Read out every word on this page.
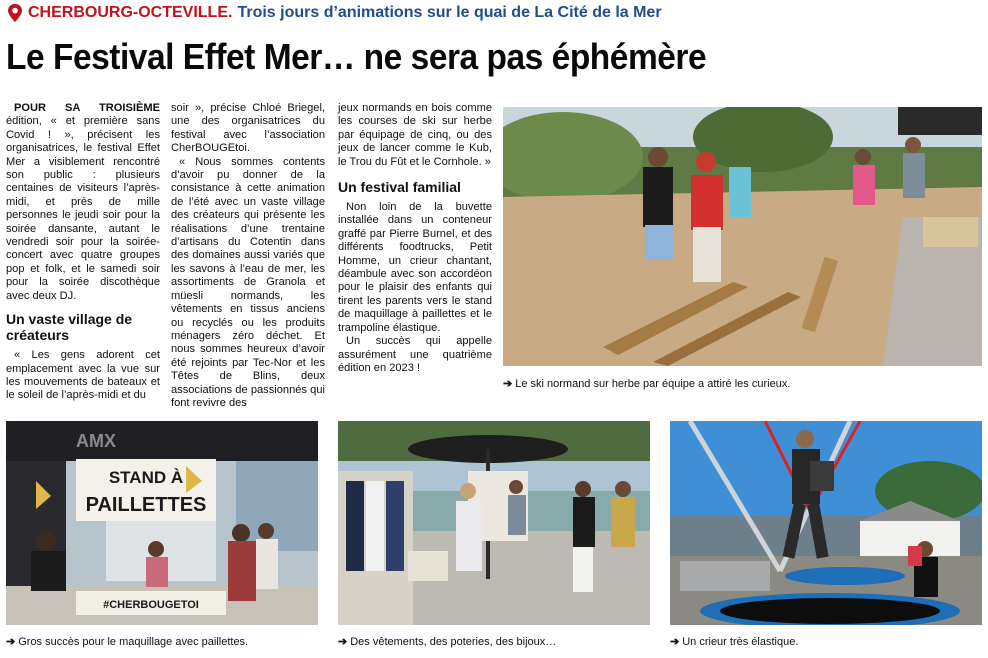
CHERBOURG-OCTEVILLE. Trois jours d’animations sur le quai de La Cité de la Mer
Le Festival Effet Mer… ne sera pas éphémère

POUR SA TROISIÈME édition, « et première sans Covid ! », précisent les organisatrices, le festival Effet Mer a visiblement rencontré son public : plusieurs centaines de visiteurs l’après-midi, et près de mille personnes le jeudi soir pour la soirée dansante, autant le vendredi soir pour la soirée-concert avec quatre groupes pop et folk, et le samedi soir pour la soirée discothèque avec deux DJ.

Un vaste village de créateurs

« Les gens adorent cet emplacement avec la vue sur les mouvements de bateaux et le soleil de l’après-midi et du

soir », précise Chloé Briegel, une des organisatrices du festival avec l’association CherBOUGEtoi.

« Nous sommes contents d’avoir pu donner de la consistance à cette animation de l’été avec un vaste village des créateurs qui présente les réalisations d’une trentaine d’artisans du Cotentin dans des domaines aussi variés que les savons à l’eau de mer, les assortiments de Granola et müesli normands, les vêtements en tissus anciens ou recyclés ou les produits ménagers zéro déchet. Et nous sommes heureux d’avoir été rejoints par Tec-Nor et les Têtes de Blins, deux associations de passionnés qui font revivre des

jeux normands en bois comme les courses de ski sur herbe par équipage de cinq, ou des jeux de lancer comme le Kub, le Trou du Fût et le Cornhole. »

Un festival familial

Non loin de la buvette installée dans un conteneur graffé par Pierre Burnel, et des différents foodtrucks, Petit Homme, un crieur chantant, déambule avec son accordéon pour le plaisir des enfants qui tirent les parents vers le stand de maquillage à paillettes et le trampoline élastique.

Un succès qui appelle assurément une quatrième édition en 2023 !

➔ Le ski normand sur herbe par équipe a attiré les curieux.
AMX
STAND À
PAILLETTES
#CHERBOUGETOI
➔ Gros succès pour le maquillage avec paillettes.	➔ Des vêtements, des poteries, des bijoux…	➔ Un crieur très élastique.
